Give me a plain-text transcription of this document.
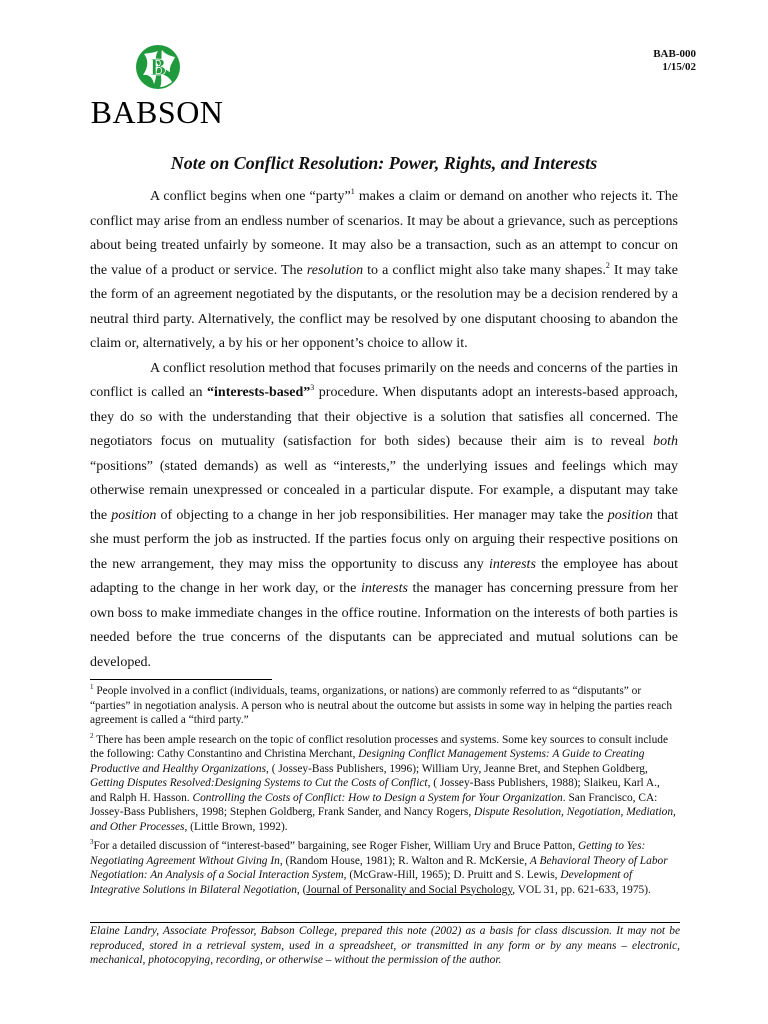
B
BABSON
BAB-000
1/15/02
Note on Conflict Resolution: Power, Rights, and Interests

A conflict begins when one “party”$^1$ makes a claim or demand on another who rejects it. The conflict may arise from an endless number of scenarios. It may be about a grievance, such as perceptions about being treated unfairly by someone. It may also be a transaction, such as an attempt to concur on the value of a product or service. The resolution to a conflict might also take many shapes.$^2$ It may take the form of an agreement negotiated by the disputants, or the resolution may be a decision rendered by a neutral third party. Alternatively, the conflict may be resolved by one disputant choosing to abandon the claim or, alternatively, a by his or her opponent’s choice to allow it.

A conflict resolution method that focuses primarily on the needs and concerns of the parties in conflict is called an “interests-based”$^3$ procedure. When disputants adopt an interests-based approach, they do so with the understanding that their objective is a solution that satisfies all concerned. The negotiators focus on mutuality (satisfaction for both sides) because their aim is to reveal both “positions” (stated demands) as well as “interests,” the underlying issues and feelings which may otherwise remain unexpressed or concealed in a particular dispute. For example, a disputant may take the position of objecting to a change in her job responsibilities. Her manager may take the position that she must perform the job as instructed. If the parties focus only on arguing their respective positions on the new arrangement, they may miss the opportunity to discuss any interests the employee has about adapting to the change in her work day, or the interests the manager has concerning pressure from her own boss to make immediate changes in the office routine. Information on the interests of both parties is needed before the true concerns of the disputants can be appreciated and mutual solutions can be developed.

$^1$ People involved in a conflict (individuals, teams, organizations, or nations) are commonly referred to as “disputants” or “parties” in negotiation analysis. A person who is neutral about the outcome but assists in some way in helping the parties reach agreement is called a “third party.”
$^2$ There has been ample research on the topic of conflict resolution processes and systems. Some key sources to consult include the following: Cathy Constantino and Christina Merchant, Designing Conflict Management Systems: A Guide to Creating Productive and Healthy Organizations, ( Jossey-Bass Publishers, 1996); William Ury, Jeanne Bret, and Stephen Goldberg, Getting Disputes Resolved:Designing Systems to Cut the Costs of Conflict, ( Jossey-Bass Publishers, 1988); Slaikeu, Karl A., and Ralph H. Hasson. Controlling the Costs of Conflict: How to Design a System for Your Organization. San Francisco, CA: Jossey-Bass Publishers, 1998; Stephen Goldberg, Frank Sander, and Nancy Rogers, Dispute Resolution, Negotiation, Mediation, and Other Processes, (Little Brown, 1992).
$^3$For a detailed discussion of “interest-based” bargaining, see Roger Fisher, William Ury and Bruce Patton, Getting to Yes: Negotiating Agreement Without Giving In, (Random House, 1981); R. Walton and R. McKersie, A Behavioral Theory of Labor Negotiation: An Analysis of a Social Interaction System, (McGraw-Hill, 1965); D. Pruitt and S. Lewis, Development of Integrative Solutions in Bilateral Negotiation, (Journal of Personality and Social Psychology, VOL 31, pp. 621-633, 1975).
Elaine Landry, Associate Professor, Babson College, prepared this note (2002) as a basis for class discussion. It may not be reproduced, stored in a retrieval system, used in a spreadsheet, or transmitted in any form or by any means – electronic, mechanical, photocopying, recording, or otherwise – without the permission of the author.
